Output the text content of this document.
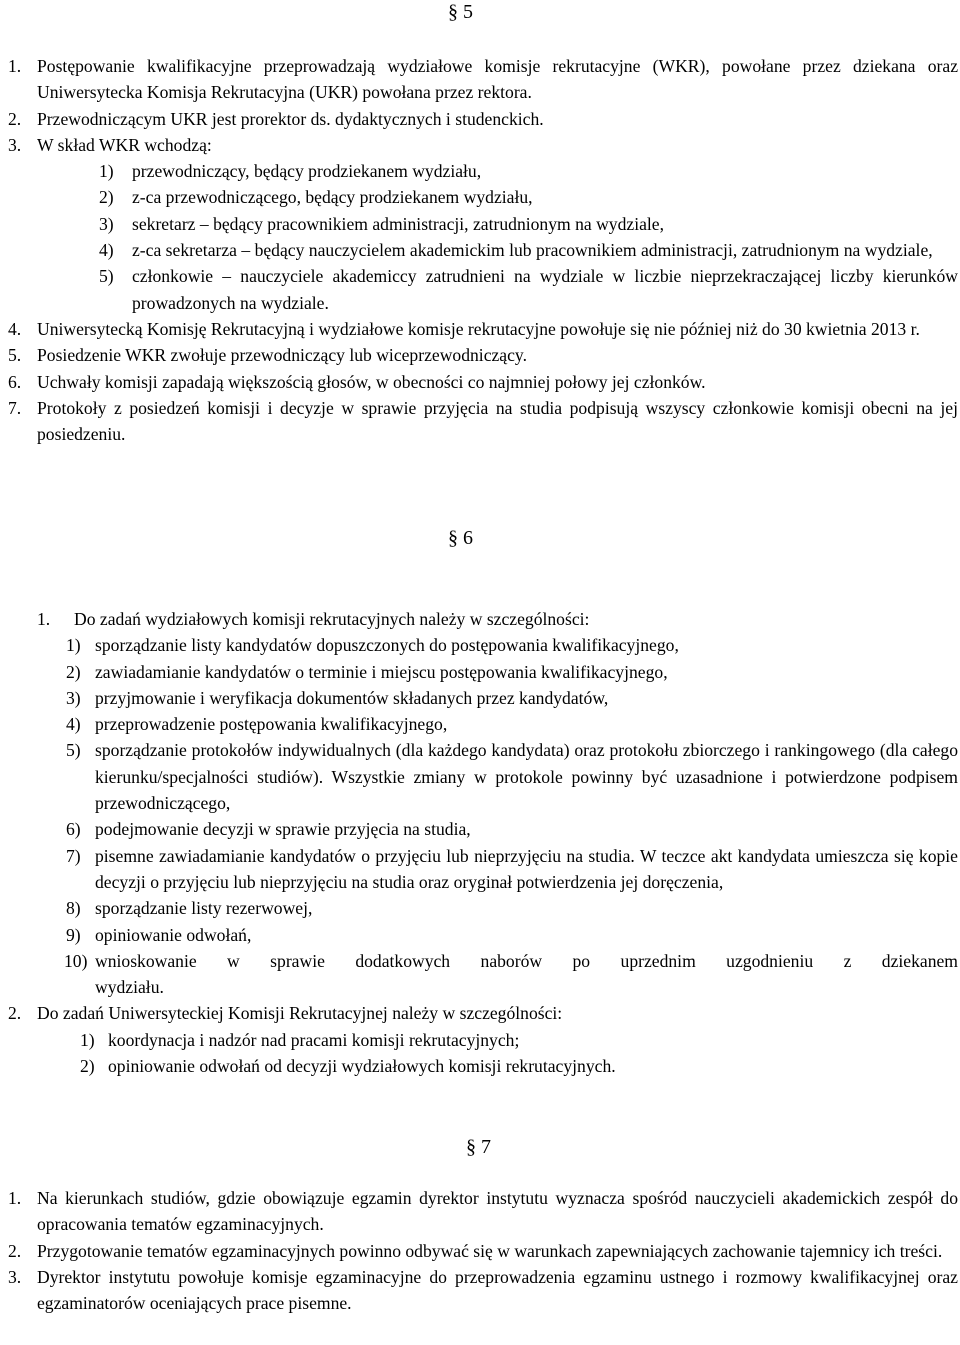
§ 5
1. Postępowanie kwalifikacyjne przeprowadzają wydziałowe komisje rekrutacyjne (WKR), powołane przez dziekana oraz Uniwersytecka Komisja Rekrutacyjna (UKR) powołana przez rektora.
2. Przewodniczącym UKR jest prorektor ds. dydaktycznych i studenckich.
3. W skład WKR wchodzą:
1) przewodniczący, będący prodziekanem wydziału,
2) z-ca przewodniczącego, będący prodziekanem wydziału,
3) sekretarz – będący pracownikiem administracji, zatrudnionym na wydziale,
4) z-ca sekretarza – będący nauczycielem akademickim lub pracownikiem administracji, zatrudnionym na wydziale,
5) członkowie – nauczyciele akademiccy zatrudnieni na wydziale w liczbie nieprzekraczającej liczby kierunków prowadzonych na wydziale.
4. Uniwersytecką Komisję Rekrutacyjną i wydziałowe komisje rekrutacyjne powołuje się nie później niż do 30 kwietnia 2013 r.
5. Posiedzenie WKR zwołuje przewodniczący lub wiceprzewodniczący.
6. Uchwały komisji zapadają większością głosów, w obecności co najmniej połowy jej członków.
7. Protokoły z posiedzeń komisji i decyzje w sprawie przyjęcia na studia podpisują wszyscy członkowie komisji obecni na jej posiedzeniu.
§ 6
1. Do zadań wydziałowych komisji rekrutacyjnych należy w szczególności:
1) sporządzanie listy kandydatów dopuszczonych do postępowania kwalifikacyjnego,
2) zawiadamianie kandydatów o terminie i miejscu postępowania kwalifikacyjnego,
3) przyjmowanie i weryfikacja dokumentów składanych przez kandydatów,
4) przeprowadzenie postępowania kwalifikacyjnego,
5) sporządzanie protokołów indywidualnych (dla każdego kandydata) oraz protokołu zbiorczego i rankingowego (dla całego kierunku/specjalności studiów). Wszystkie zmiany w protokole powinny być uzasadnione i potwierdzone podpisem przewodniczącego,
6) podejmowanie decyzji w sprawie przyjęcia na studia,
7) pisemne zawiadamianie kandydatów o przyjęciu lub nieprzyjęciu na studia. W teczce akt kandydata umieszcza się kopie decyzji o przyjęciu lub nieprzyjęciu na studia oraz oryginał potwierdzenia jej doręczenia,
8) sporządzanie listy rezerwowej,
9) opiniowanie odwołań,
10) wnioskowanie w sprawie dodatkowych naborów po uprzednim uzgodnieniu z dziekanem wydziału.
2. Do zadań Uniwersyteckiej Komisji Rekrutacyjnej należy w szczególności:
1) koordynacja i nadzór nad pracami komisji rekrutacyjnych;
2) opiniowanie odwołań od decyzji wydziałowych komisji rekrutacyjnych.
§ 7
1. Na kierunkach studiów, gdzie obowiązuje egzamin dyrektor instytutu wyznacza spośród nauczycieli akademickich zespół do opracowania tematów egzaminacyjnych.
2. Przygotowanie tematów egzaminacyjnych powinno odbywać się w warunkach zapewniających zachowanie tajemnicy ich treści.
3. Dyrektor instytutu powołuje komisje egzaminacyjne do przeprowadzenia egzaminu ustnego i rozmowy kwalifikacyjnej oraz egzaminatorów oceniających prace pisemne.
